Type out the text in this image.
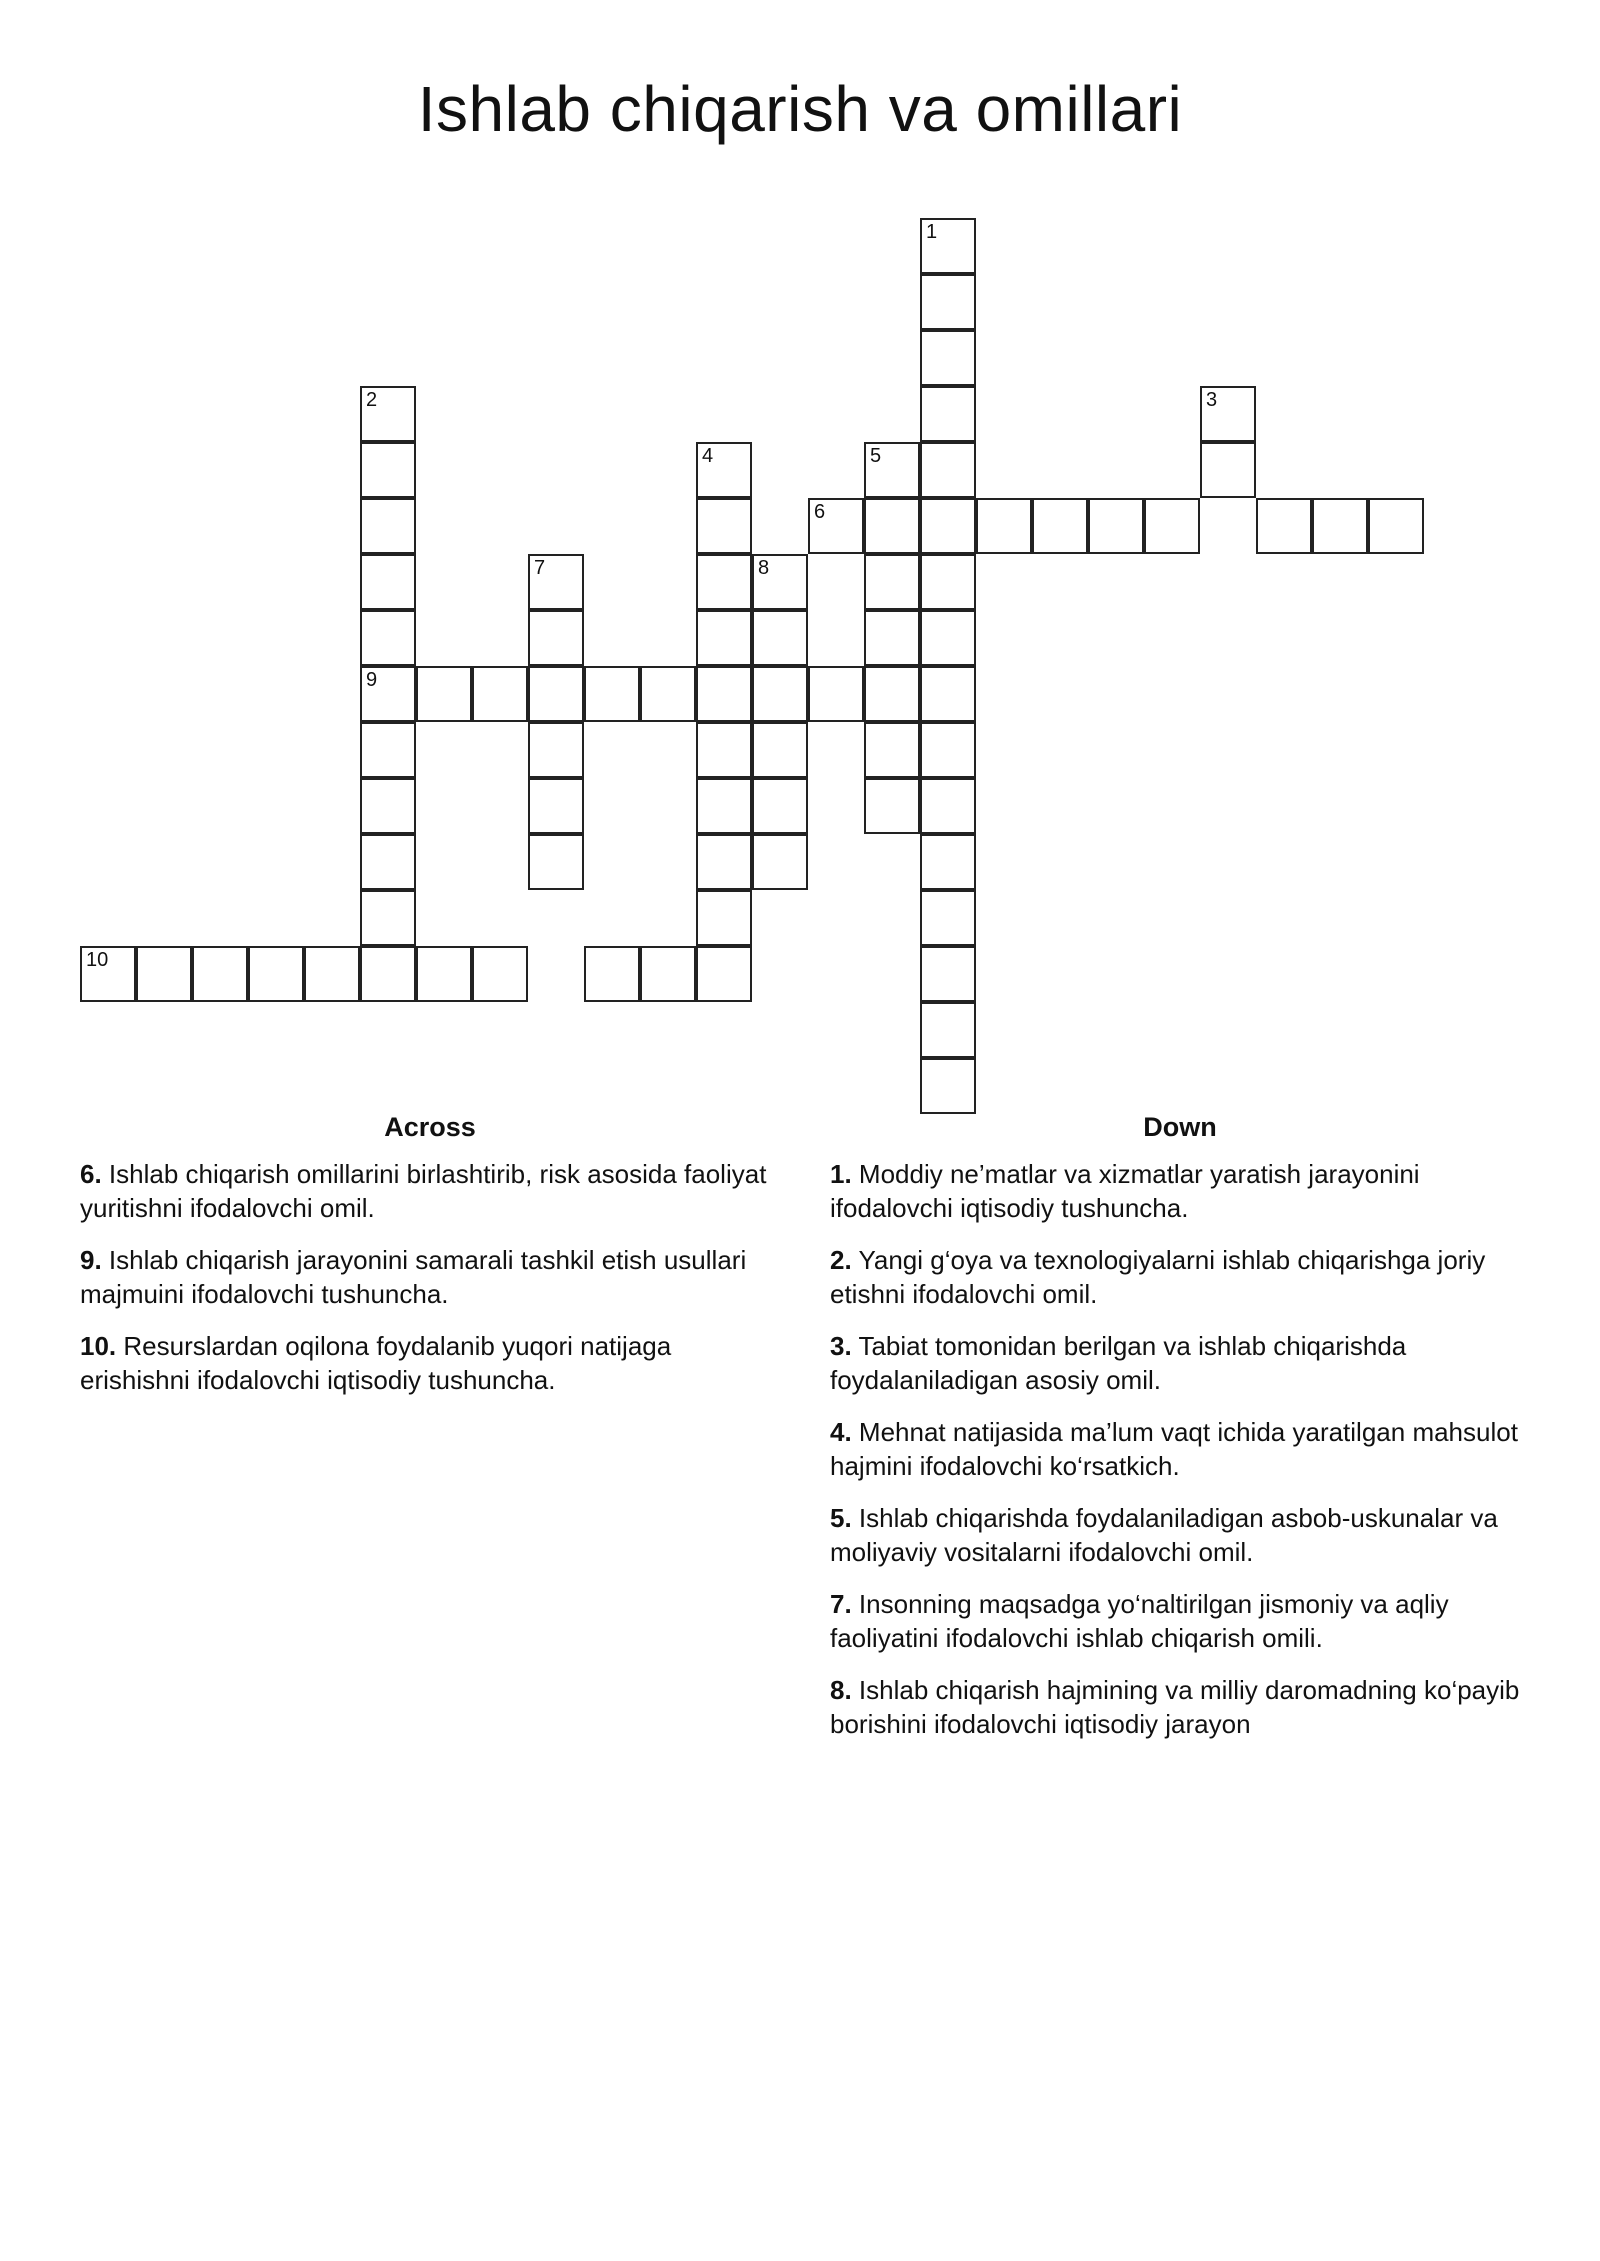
Ishlab chiqarish va omillari
1
2
9
3
4	5
6
7	8
10
Across
6. Ishlab chiqarish omillarini birlashtirib, risk asosida faoliyat yuritishni ifodalovchi omil.
9. Ishlab chiqarish jarayonini samarali tashkil etish usullari majmuini ifodalovchi tushuncha.
10. Resurslardan oqilona foydalanib yuqori natijaga erishishni ifodalovchi iqtisodiy tushuncha.
Down
1. Moddiy ne’matlar va xizmatlar yaratish jarayonini ifodalovchi iqtisodiy tushuncha.
2. Yangi g‘oya va texnologiyalarni ishlab chiqarishga joriy etishni ifodalovchi omil.
3. Tabiat tomonidan berilgan va ishlab chiqarishda foydalaniladigan asosiy omil.
4. Mehnat natijasida ma’lum vaqt ichida yaratilgan mahsulot hajmini ifodalovchi ko‘rsatkich.
5. Ishlab chiqarishda foydalaniladigan asbob-uskunalar va moliyaviy vositalarni ifodalovchi omil.
7. Insonning maqsadga yo‘naltirilgan jismoniy va aqliy faoliyatini ifodalovchi ishlab chiqarish omili.
8. Ishlab chiqarish hajmining va milliy daromadning ko‘payib borishini ifodalovchi iqtisodiy jarayon
